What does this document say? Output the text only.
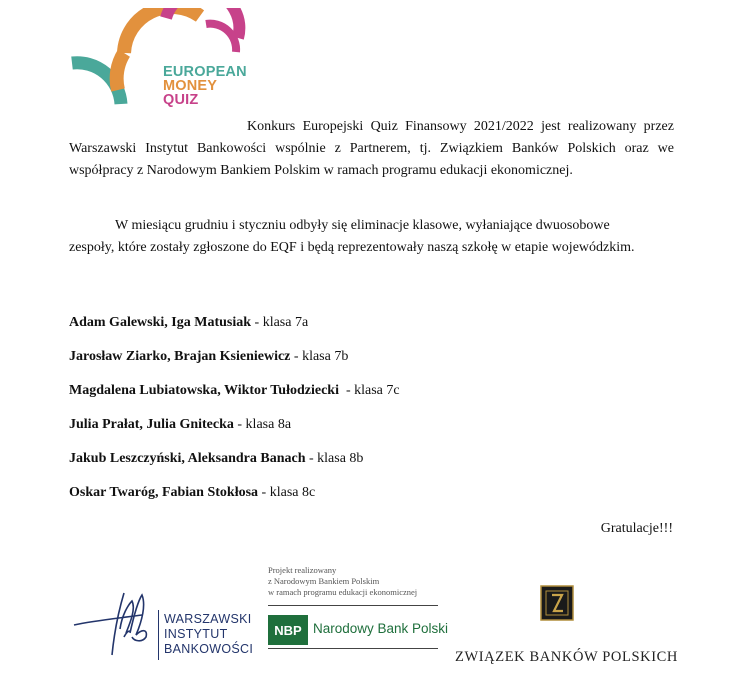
EUROPEAN
MONEY
QUIZ

Konkurs Europejski Quiz Finansowy 2021/2022 jest realizowany przez Warszawski Instytut Bankowości wspólnie z Partnerem, tj. Związkiem Banków Polskich oraz we współpracy z Narodowym Bankiem Polskim w ramach programu edukacji ekonomicznej.

W miesiącu grudniu i styczniu odbyły się eliminacje klasowe, wyłaniające dwuosobowe zespoły, które zostały zgłoszone do EQF i będą reprezentowały naszą szkołę w etapie wojewódzkim.

Adam Galewski, Iga Matusiak - klasa 7a
Jarosław Ziarko, Brajan Ksieniewicz - klasa 7b
Magdalena Lubiatowska, Wiktor Tułodziecki  - klasa 7c
Julia Prałat, Julia Gnitecka - klasa 8a
Jakub Leszczyński, Aleksandra Banach - klasa 8b
Oskar Twaróg, Fabian Stokłosa - klasa 8c
Gratulacje!!!
WARSZAWSKI
INSTYTUT
BANKOWOŚCI
Projekt realizowany
z Narodowym Bankiem Polskim
w ramach programu edukacji ekonomicznej
NBP Narodowy Bank Polski
ZWIĄZEK BANKÓW POLSKICH
